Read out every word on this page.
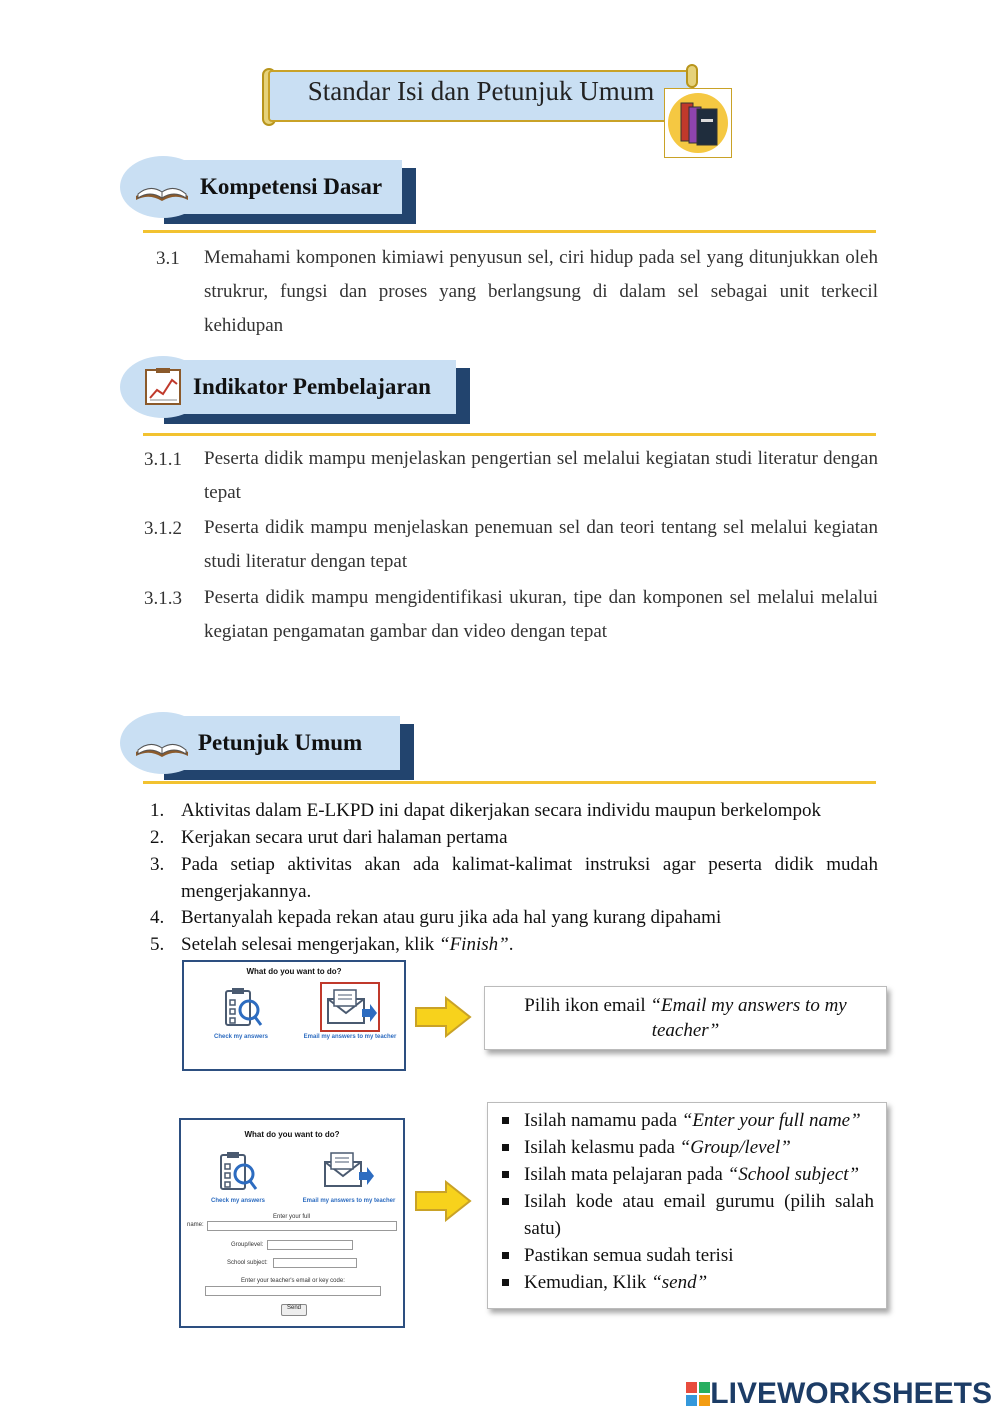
Standar Isi dan Petunjuk Umum
Kompetensi Dasar
3.1 Memahami komponen kimiawi penyusun sel, ciri hidup pada sel yang ditunjukkan oleh strukrur, fungsi dan proses yang berlangsung di dalam sel sebagai unit terkecil kehidupan
Indikator Pembelajaran
3.1.1 Peserta didik mampu menjelaskan pengertian sel melalui kegiatan studi literatur dengan tepat
3.1.2 Peserta didik mampu menjelaskan penemuan sel dan teori tentang sel melalui kegiatan studi literatur dengan tepat
3.1.3 Peserta didik mampu mengidentifikasi ukuran, tipe dan komponen sel melalui melalui kegiatan pengamatan gambar dan video dengan tepat
Petunjuk Umum
1. Aktivitas dalam E-LKPD ini dapat dikerjakan secara individu maupun berkelompok
2. Kerjakan secara urut dari halaman pertama
3. Pada setiap aktivitas akan ada kalimat-kalimat instruksi agar peserta didik mudah mengerjakannya.
4. Bertanyalah kepada rekan atau guru jika ada hal yang kurang dipahami
5. Setelah selesai mengerjakan, klik “Finish”.
What do you want to do?
Check my answers	Email my answers to my teacher
Pilih ikon email “Email my answers to my teacher”
What do you want to do?
Check my answers	Email my answers to my teacher
Enter your full
name:
Group/level:
School subject:
Enter your teacher's email or key code:
Send
Isilah namamu pada “Enter your full name”
Isilah kelasmu pada “Group/level”
Isilah mata pelajaran pada “School subject”
Isilah kode atau email gurumu (pilih salah satu)
Pastikan semua sudah terisi
Kemudian, Klik “send”
LIVEWORKSHEETS
